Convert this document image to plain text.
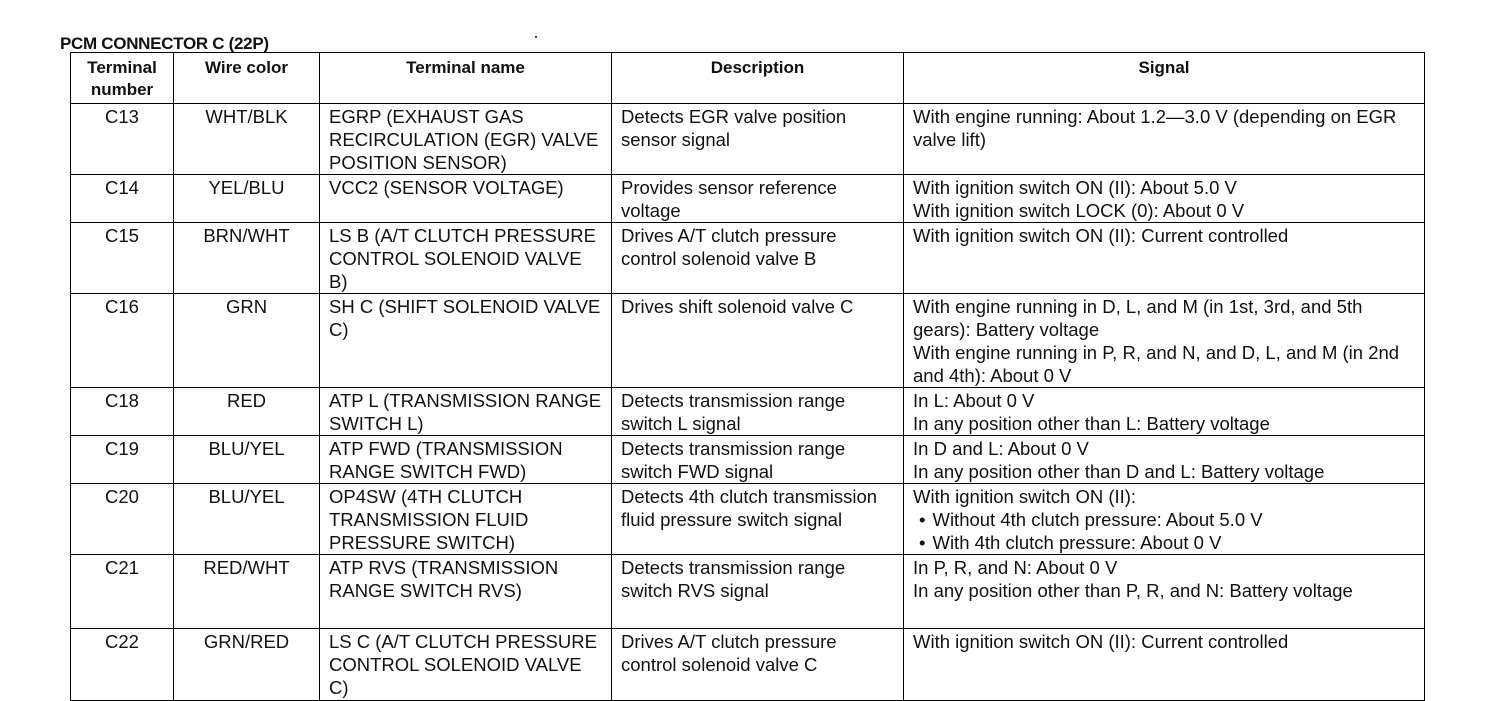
PCM CONNECTOR C (22P)
Terminal number	Wire color	Terminal name	Description	Signal
C13	WHT/BLK	EGRP (EXHAUST GAS RECIRCULATION (EGR) VALVE POSITION SENSOR)	Detects EGR valve position sensor signal	With engine running: About 1.2—3.0 V (depending on EGR valve lift)

C14	YEL/BLU	VCC2 (SENSOR VOLTAGE)	Provides sensor reference voltage	With ignition switch ON (II): About 5.0 V
With ignition switch LOCK (0): About 0 V

C15	BRN/WHT	LS B (A/T CLUTCH PRESSURE CONTROL SOLENOID VALVE B)	Drives A/T clutch pressure control solenoid valve B	With ignition switch ON (II): Current controlled

C16	GRN	SH C (SHIFT SOLENOID VALVE C)	Drives shift solenoid valve C	With engine running in D, L, and M (in 1st, 3rd, and 5th gears): Battery voltage
With engine running in P, R, and N, and D, L, and M (in 2nd and 4th): About 0 V

C18	RED	ATP L (TRANSMISSION RANGE SWITCH L)	Detects transmission range switch L signal	In L: About 0 V
In any position other than L: Battery voltage

C19	BLU/YEL	ATP FWD (TRANSMISSION RANGE SWITCH FWD)	Detects transmission range switch FWD signal	In D and L: About 0 V
In any position other than D and L: Battery voltage

C20	BLU/YEL	OP4SW (4TH CLUTCH TRANSMISSION FLUID PRESSURE SWITCH)	Detects 4th clutch transmission fluid pressure switch signal	With ignition switch ON (II):
• Without 4th clutch pressure: About 5.0 V
• With 4th clutch pressure: About 0 V

C21	RED/WHT	ATP RVS (TRANSMISSION RANGE SWITCH RVS)	Detects transmission range switch RVS signal	In P, R, and N: About 0 V
In any position other than P, R, and N: Battery voltage

C22	GRN/RED	LS C (A/T CLUTCH PRESSURE CONTROL SOLENOID VALVE C)	Drives A/T clutch pressure control solenoid valve C	With ignition switch ON (II): Current controlled
